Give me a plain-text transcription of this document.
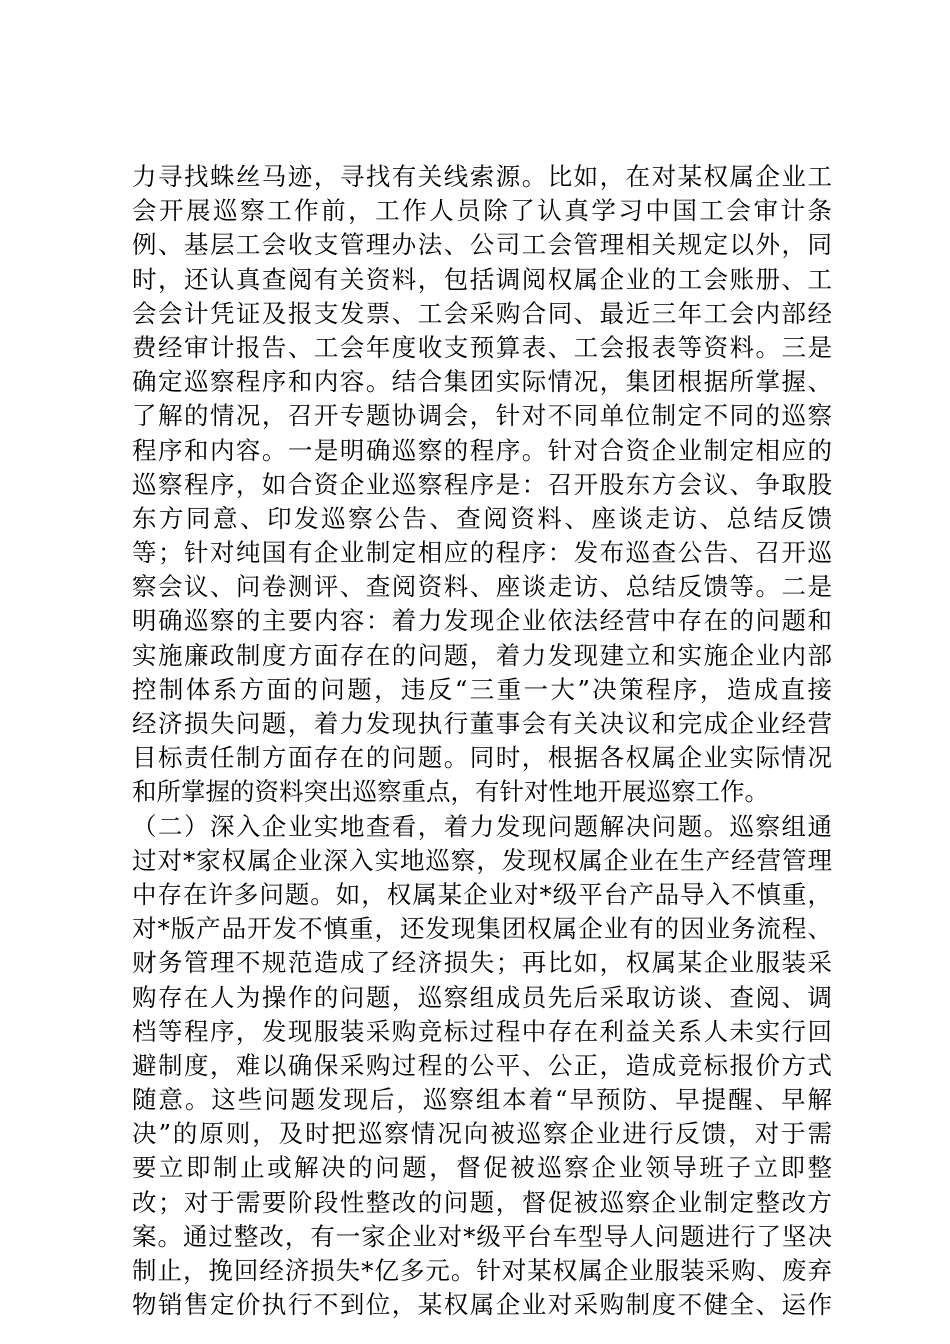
力寻找蛛丝马迹，寻找有关线索源。比如，在对某权属企业工
会开展巡察工作前，工作人员除了认真学习中国工会审计条
例、基层工会收支管理办法、公司工会管理相关规定以外，同
时，还认真查阅有关资料，包括调阅权属企业的工会账册、工
会会计凭证及报支发票、工会采购合同、最近三年工会内部经
费经审计报告、工会年度收支预算表、工会报表等资料。三是
确定巡察程序和内容。结合集团实际情况，集团根据所掌握、
了解的情况，召开专题协调会，针对不同单位制定不同的巡察
程序和内容。一是明确巡察的程序。针对合资企业制定相应的
巡察程序，如合资企业巡察程序是：召开股东方会议、争取股
东方同意、印发巡察公告、查阅资料、座谈走访、总结反馈
等；针对纯国有企业制定相应的程序：发布巡查公告、召开巡
察会议、问卷测评、查阅资料、座谈走访、总结反馈等。二是
明确巡察的主要内容：着力发现企业依法经营中存在的问题和
实施廉政制度方面存在的问题，着力发现建立和实施企业内部
控制体系方面的问题，违反“三重一大”决策程序，造成直接
经济损失问题，着力发现执行董事会有关决议和完成企业经营
目标责任制方面存在的问题。同时，根据各权属企业实际情况
和所掌握的资料突出巡察重点，有针对性地开展巡察工作。
（二）深入企业实地查看，着力发现问题解决问题。巡察组通
过对*家权属企业深入实地巡察，发现权属企业在生产经营管理
中存在许多问题。如，权属某企业对*级平台产品导入不慎重，
对*版产品开发不慎重，还发现集团权属企业有的因业务流程、
财务管理不规范造成了经济损失；再比如，权属某企业服装采
购存在人为操作的问题，巡察组成员先后采取访谈、查阅、调
档等程序，发现服装采购竞标过程中存在利益关系人未实行回
避制度，难以确保采购过程的公平、公正，造成竞标报价方式
随意。这些问题发现后，巡察组本着“早预防、早提醒、早解
决”的原则，及时把巡察情况向被巡察企业进行反馈，对于需
要立即制止或解决的问题，督促被巡察企业领导班子立即整
改；对于需要阶段性整改的问题，督促被巡察企业制定整改方
案。通过整改，有一家企业对*级平台车型导人问题进行了坚决
制止，挽回经济损失*亿多元。针对某权属企业服装采购、废弃
物销售定价执行不到位，某权属企业对采购制度不健全、运作
